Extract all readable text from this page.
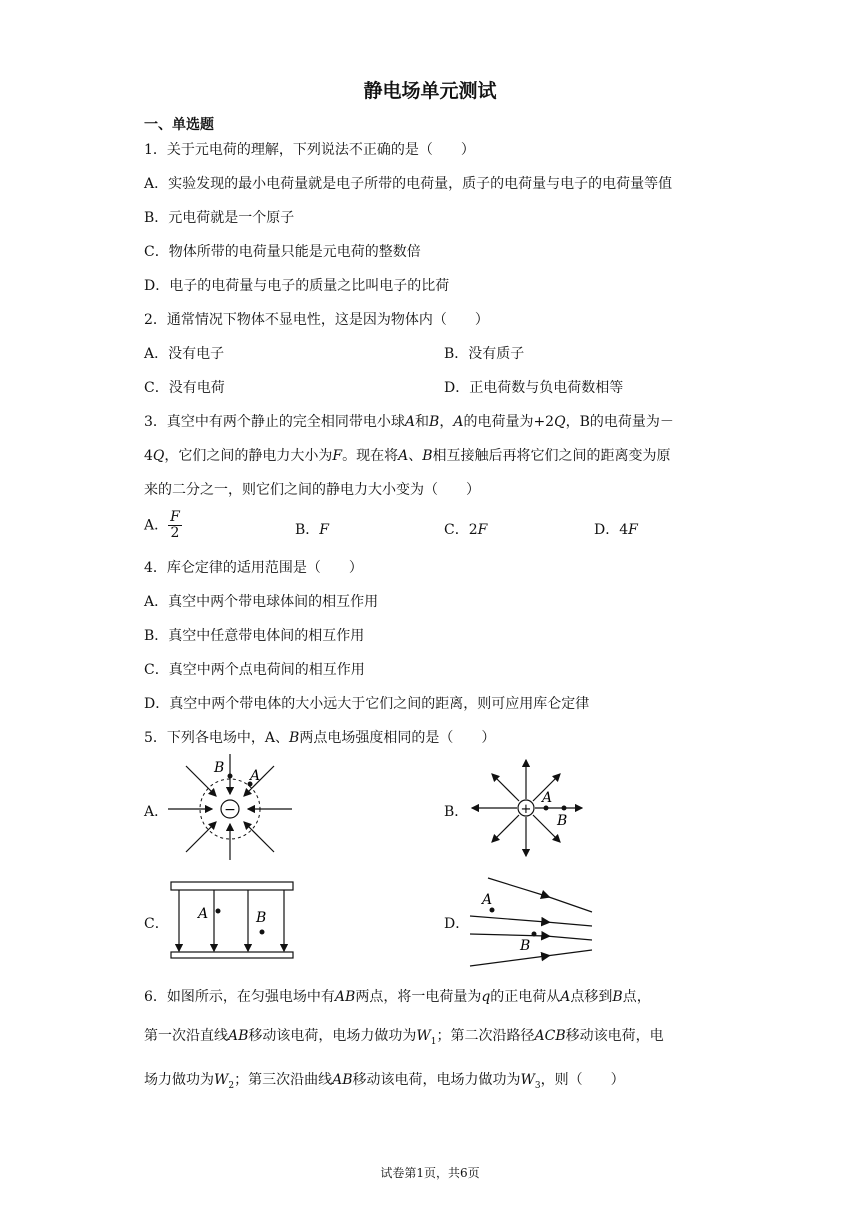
静电场单元测试
一、单选题
1．关于元电荷的理解，下列说法不正确的是（　　）
A．实验发现的最小电荷量就是电子所带的电荷量，质子的电荷量与电子的电荷量等值
B．元电荷就是一个原子
C．物体所带的电荷量只能是元电荷的整数倍
D．电子的电荷量与电子的质量之比叫电子的比荷
2．通常情况下物体不显电性，这是因为物体内（　　）
A．没有电子	B．没有质子
C．没有电荷	D．正电荷数与负电荷数相等
3．真空中有两个静止的完全相同带电小球A和B，A的电荷量为+2Q，B的电荷量为－
4Q，它们之间的静电力大小为F。现在将A、B相互接触后再将它们之间的距离变为原
来的二分之一，则它们之间的静电力大小变为（　　）
A． $\frac{F}{2}$	B．F	C．2F	D．4F
4．库仑定律的适用范围是（　　）
A．真空中两个带电球体间的相互作用
B．真空中任意带电体间的相互作用
C．真空中两个点电荷间的相互作用
D．真空中两个带电体的大小远大于它们之间的距离，则可应用库仑定律
5．下列各电场中，A、B两点电场强度相同的是（　　）
A．	B．
C．	D．
−
B A
+
A
B
A	B
A
B
6．如图所示，在匀强电场中有AB两点，将一电荷量为q的正电荷从A点移到B点，
第一次沿直线AB移动该电荷，电场力做功为$W_1$；第二次沿路径ACB移动该电荷，电
场力做功为$W_2$；第三次沿曲线AB移动该电荷，电场力做功为$W_3$，则（　　）
试卷第1页，共6页
